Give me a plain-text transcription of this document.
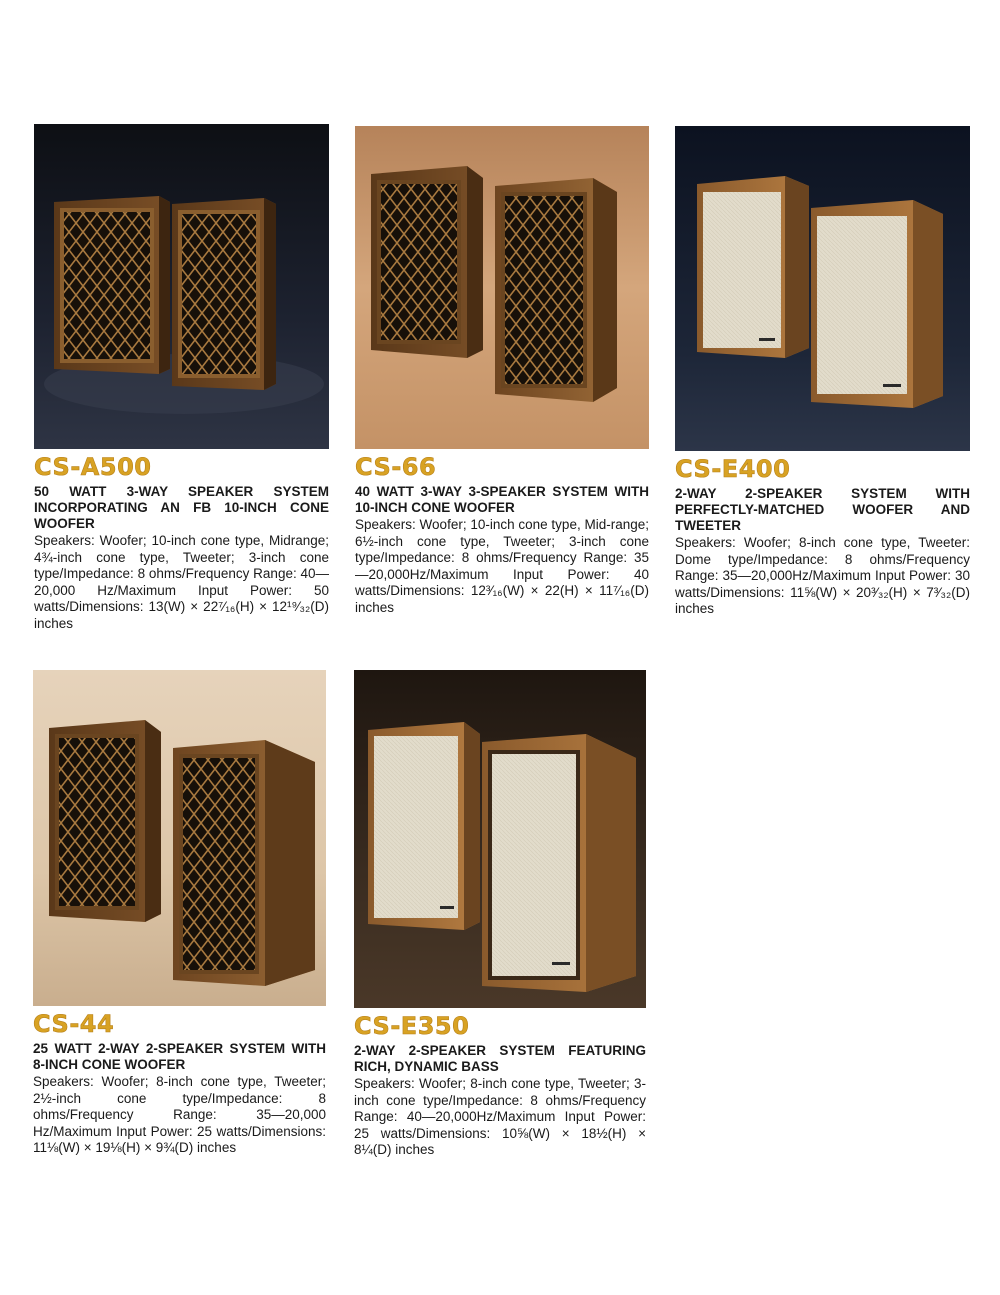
CS-A500
50 WATT 3-WAY SPEAKER SYSTEM INCORPORATING AN FB 10-INCH CONE WOOFER
Speakers: Woofer; 10-inch cone type, Midrange; 4¾-inch cone type, Tweeter; 3-inch cone type/Impedance: 8 ohms/Frequency Range: 40—20,000 Hz/Maximum Input Power: 50 watts/Dimensions: 13(W) × 22⁷⁄₁₆(H) × 12¹⁹⁄₃₂(D) inches
CS-66
40 WATT 3-WAY 3-SPEAKER SYSTEM WITH 10-INCH CONE WOOFER
Speakers: Woofer; 10-inch cone type, Mid-range; 6½-inch cone type, Tweeter; 3-inch cone type/Impedance: 8 ohms/Frequency Range: 35—20,000Hz/Maximum Input Power: 40 watts/Dimensions: 12³⁄₁₆(W) × 22(H) × 11⁷⁄₁₆(D) inches
CS-E400
2-WAY 2-SPEAKER SYSTEM WITH PERFECTLY-MATCHED WOOFER AND TWEETER
Speakers: Woofer; 8-inch cone type, Tweeter: Dome type/Impedance: 8 ohms/Frequency Range: 35—20,000Hz/Maximum Input Power: 30 watts/Dimensions: 11⅝(W) × 20³⁄₃₂(H) × 7³⁄₃₂(D) inches
CS-44
25 WATT 2-WAY 2-SPEAKER SYSTEM WITH 8-INCH CONE WOOFER
Speakers: Woofer; 8-inch cone type, Tweeter; 2½-inch cone type/Impedance: 8 ohms/Frequency Range: 35—20,000 Hz/Maximum Input Power: 25 watts/Dimensions: 11⅛(W) × 19⅛(H) × 9¾(D) inches
CS-E350
2-WAY 2-SPEAKER SYSTEM FEATURING RICH, DYNAMIC BASS
Speakers: Woofer; 8-inch cone type, Tweeter; 3-inch cone type/Impedance: 8 ohms/Frequency Range: 40—20,000Hz/Maximum Input Power: 25 watts/Dimensions: 10⅝(W) × 18½(H) × 8¼(D) inches
